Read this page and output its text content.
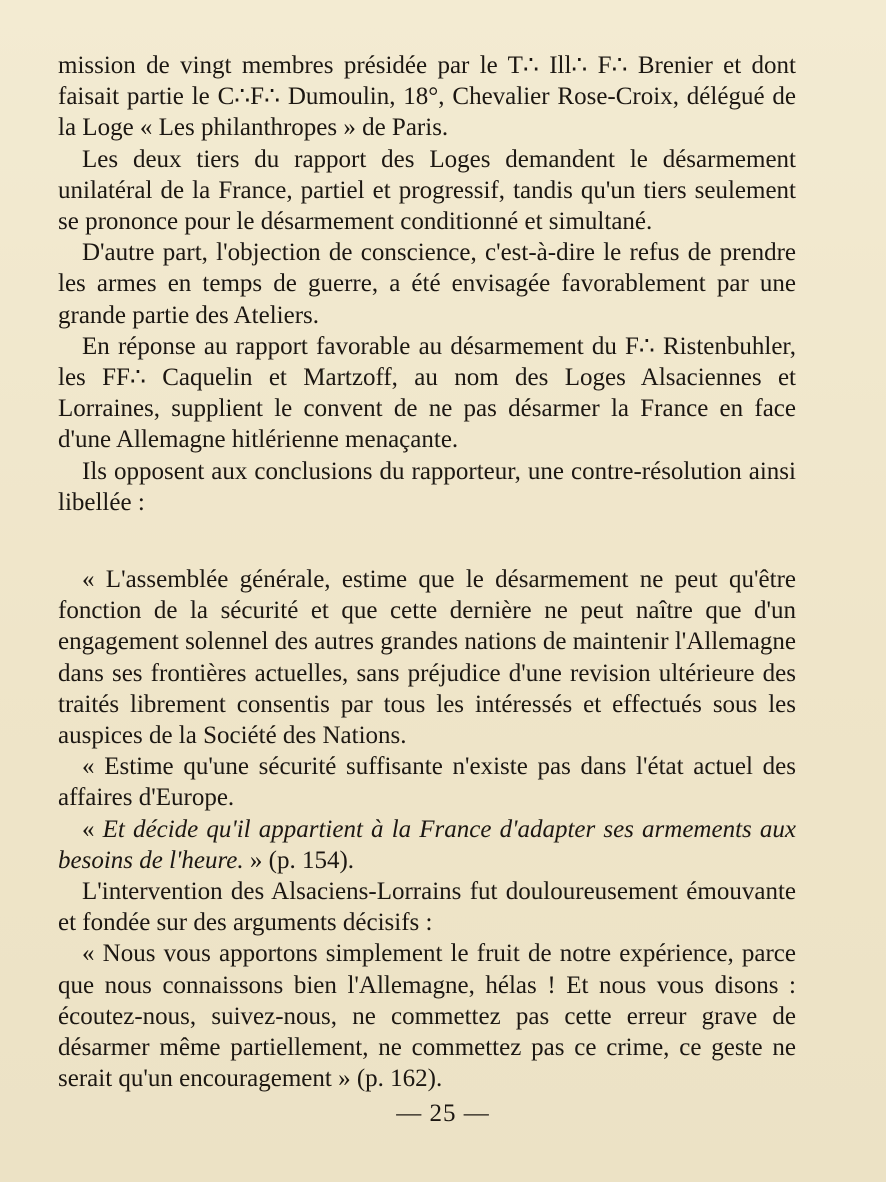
mission de vingt membres présidée par le T∴ Ill∴ F∴ Brenier et dont faisait partie le C∴F∴ Dumoulin, 18°, Chevalier Rose-Croix, délégué de la Loge « Les philanthropes » de Paris.

Les deux tiers du rapport des Loges demandent le désarmement unilatéral de la France, partiel et progressif, tandis qu'un tiers seulement se prononce pour le désarmement conditionné et simultané.

D'autre part, l'objection de conscience, c'est-à-dire le refus de prendre les armes en temps de guerre, a été envisagée favorablement par une grande partie des Ateliers.

En réponse au rapport favorable au désarmement du F∴ Ristenbuhler, les FF∴ Caquelin et Martzoff, au nom des Loges Alsaciennes et Lorraines, supplient le convent de ne pas désarmer la France en face d'une Allemagne hitlérienne menaçante.

Ils opposent aux conclusions du rapporteur, une contre-résolution ainsi libellée :

« L'assemblée générale, estime que le désarmement ne peut qu'être fonction de la sécurité et que cette dernière ne peut naître que d'un engagement solennel des autres grandes nations de maintenir l'Allemagne dans ses frontières actuelles, sans préjudice d'une revision ultérieure des traités librement consentis par tous les intéressés et effectués sous les auspices de la Société des Nations.

« Estime qu'une sécurité suffisante n'existe pas dans l'état actuel des affaires d'Europe.

« Et décide qu'il appartient à la France d'adapter ses armements aux besoins de l'heure. » (p. 154).

L'intervention des Alsaciens-Lorrains fut douloureusement émouvante et fondée sur des arguments décisifs :

« Nous vous apportons simplement le fruit de notre expérience, parce que nous connaissons bien l'Allemagne, hélas ! Et nous vous disons : écoutez-nous, suivez-nous, ne commettez pas cette erreur grave de désarmer même partiellement, ne commettez pas ce crime, ce geste ne serait qu'un encouragement » (p. 162).

— 25 —
